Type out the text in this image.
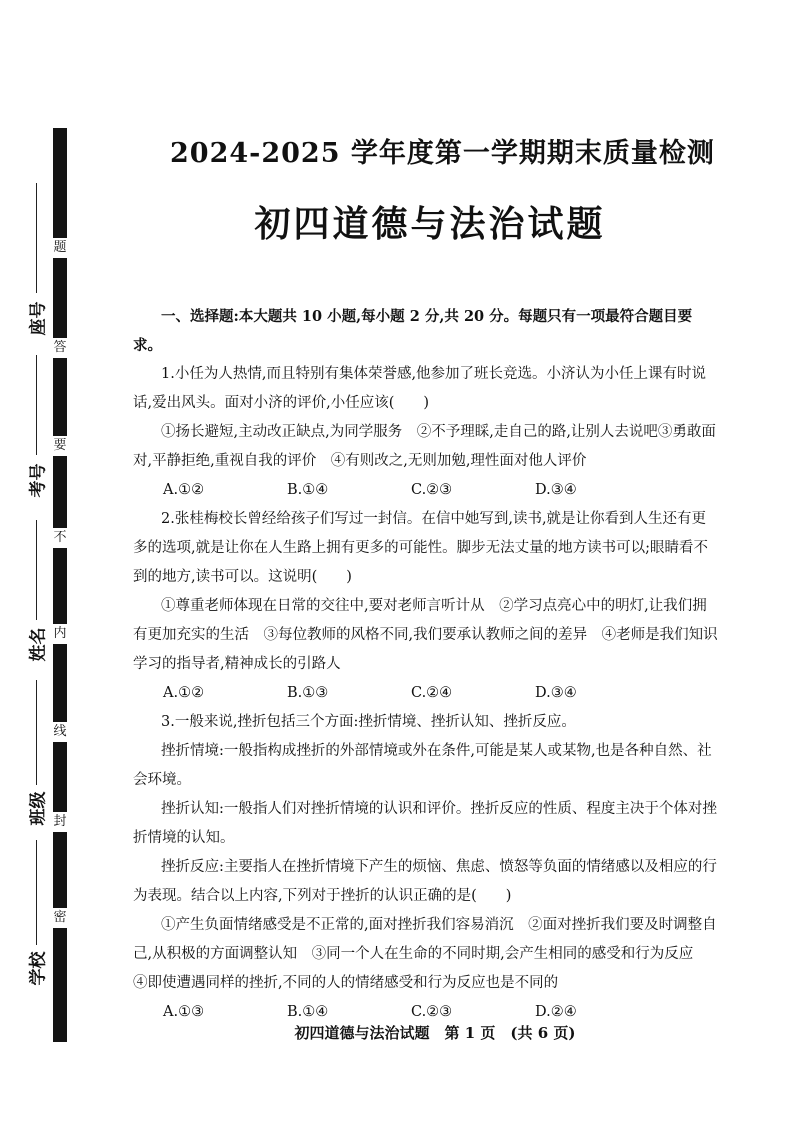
题
答
要
不
内
线
封
密
座号
考号
姓名
班级
学校
2024-2025 学年度第一学期期末质量检测
初四道德与法治试题

一、选择题:本大题共 10 小题,每小题 2 分,共 20 分。每题只有一项最符合题目要求。

1.小任为人热情,而且特别有集体荣誉感,他参加了班长竞选。小济认为小任上课有时说话,爱出风头。面对小济的评价,小任应该(　　)

①扬长避短,主动改正缺点,为同学服务　②不予理睬,走自己的路,让别人去说吧③勇敢面对,平静拒绝,重视自我的评价　④有则改之,无则加勉,理性面对他人评价

A.①②	B.①④	C.②③	D.③④

2.张桂梅校长曾经给孩子们写过一封信。在信中她写到,读书,就是让你看到人生还有更多的选项,就是让你在人生路上拥有更多的可能性。脚步无法丈量的地方读书可以;眼睛看不到的地方,读书可以。这说明(　　)

①尊重老师体现在日常的交往中,要对老师言听计从　②学习点亮心中的明灯,让我们拥有更加充实的生活　③每位教师的风格不同,我们要承认教师之间的差异　④老师是我们知识学习的指导者,精神成长的引路人

A.①②	B.①③	C.②④	D.③④

3.一般来说,挫折包括三个方面:挫折情境、挫折认知、挫折反应。

挫折情境:一般指构成挫折的外部情境或外在条件,可能是某人或某物,也是各种自然、社会环境。

挫折认知:一般指人们对挫折情境的认识和评价。挫折反应的性质、程度主决于个体对挫折情境的认知。

挫折反应:主要指人在挫折情境下产生的烦恼、焦虑、愤怒等负面的情绪感以及相应的行为表现。结合以上内容,下列对于挫折的认识正确的是(　　)

①产生负面情绪感受是不正常的,面对挫折我们容易消沉　②面对挫折我们要及时调整自己,从积极的方面调整认知　③同一个人在生命的不同时期,会产生相同的感受和行为反应　④即使遭遇同样的挫折,不同的人的情绪感受和行为反应也是不同的

A.①③	B.①④	C.②③	D.②④
初四道德与法治试题　第 1 页　(共 6 页)
